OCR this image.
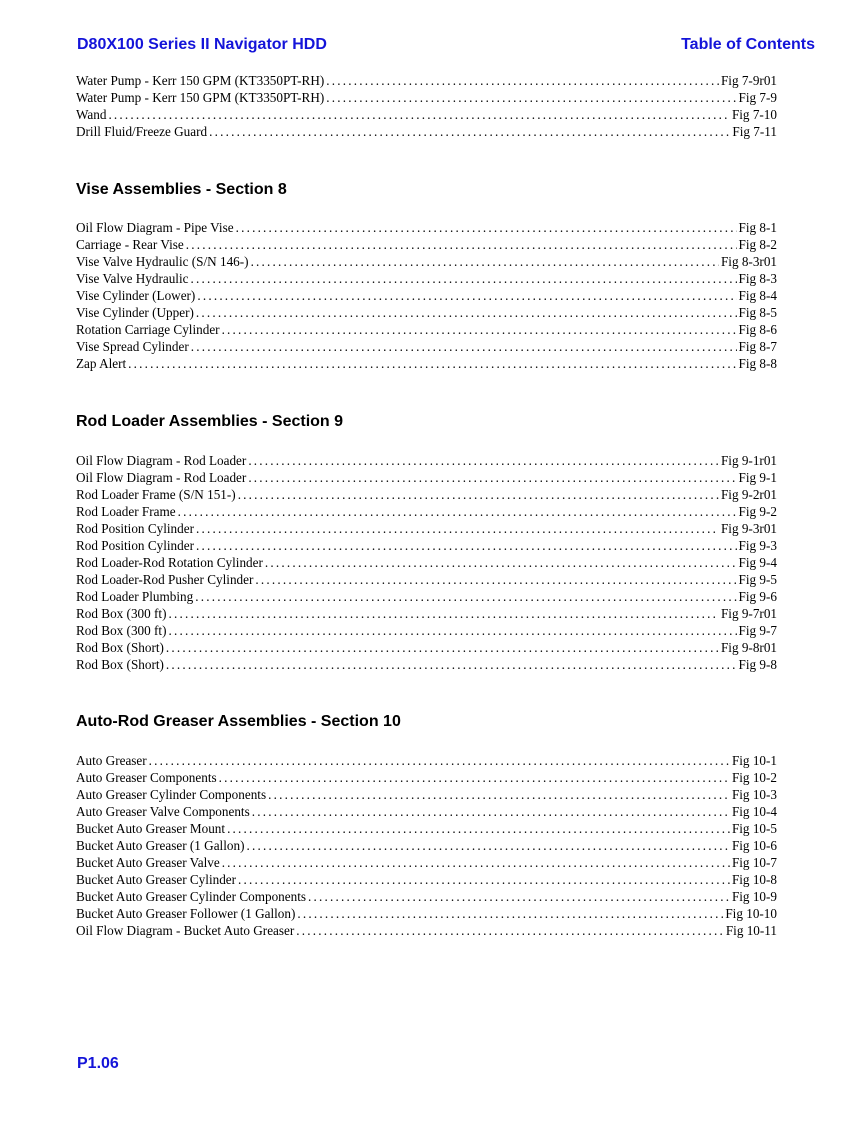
D80X100 Series II Navigator HDD	Table of Contents
Water Pump - Kerr 150 GPM (KT3350PT-RH) .....	Fig 7-9r01
Water Pump - Kerr 150 GPM (KT3350PT-RH) .....	Fig 7-9
Wand .....	Fig 7-10
Drill Fluid/Freeze Guard .....	Fig 7-11
Vise Assemblies - Section 8
Oil Flow Diagram - Pipe Vise .....	Fig 8-1
Carriage - Rear Vise .....	Fig 8-2
Vise Valve Hydraulic (S/N 146-) .....	Fig 8-3r01
Vise Valve Hydraulic .....	Fig 8-3
Vise Cylinder (Lower) .....	Fig 8-4
Vise Cylinder (Upper) .....	Fig 8-5
Rotation Carriage Cylinder .....	Fig 8-6
Vise Spread Cylinder .....	Fig 8-7
Zap Alert .....	Fig 8-8
Rod Loader Assemblies - Section 9
Oil Flow Diagram - Rod Loader .....	Fig 9-1r01
Oil Flow Diagram - Rod Loader .....	Fig 9-1
Rod Loader Frame (S/N 151-) .....	Fig 9-2r01
Rod Loader Frame .....	Fig 9-2
Rod Position Cylinder .....	Fig 9-3r01
Rod Position Cylinder .....	Fig 9-3
Rod Loader-Rod Rotation Cylinder .....	Fig 9-4
Rod Loader-Rod Pusher Cylinder .....	Fig 9-5
Rod Loader Plumbing .....	Fig 9-6
Rod Box (300 ft) .....	Fig 9-7r01
Rod Box (300 ft) .....	Fig 9-7
Rod Box (Short) .....	Fig 9-8r01
Rod Box (Short) .....	Fig 9-8
Auto-Rod Greaser Assemblies - Section 10
Auto Greaser .....	Fig 10-1
Auto Greaser Components .....	Fig 10-2
Auto Greaser Cylinder Components .....	Fig 10-3
Auto Greaser Valve Components .....	Fig 10-4
Bucket Auto Greaser Mount .....	Fig 10-5
Bucket Auto Greaser (1 Gallon) .....	Fig 10-6
Bucket Auto Greaser Valve .....	Fig 10-7
Bucket Auto Greaser Cylinder .....	Fig 10-8
Bucket Auto Greaser Cylinder Components .....	Fig 10-9
Bucket Auto Greaser Follower (1 Gallon) .....	Fig 10-10
Oil Flow Diagram - Bucket Auto Greaser .....	Fig 10-11
P1.06
